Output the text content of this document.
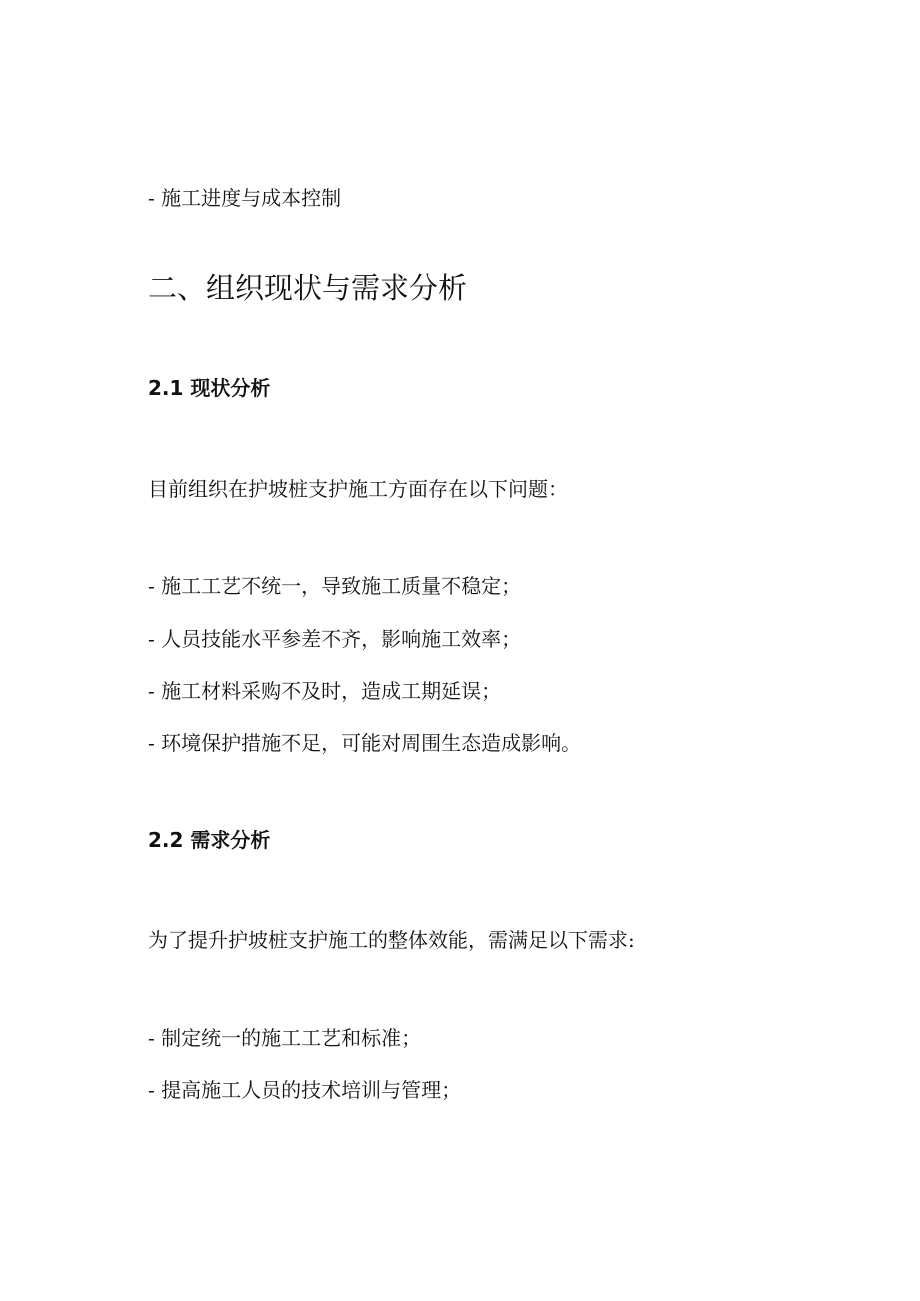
- 施工进度与成本控制
二、组织现状与需求分析
2.1 现状分析
目前组织在护坡桩支护施工方面存在以下问题：
- 施工工艺不统一，导致施工质量不稳定；
- 人员技能水平参差不齐，影响施工效率；
- 施工材料采购不及时，造成工期延误；
- 环境保护措施不足，可能对周围生态造成影响。
2.2 需求分析
为了提升护坡桩支护施工的整体效能，需满足以下需求:
- 制定统一的施工工艺和标准；
- 提高施工人员的技术培训与管理；
